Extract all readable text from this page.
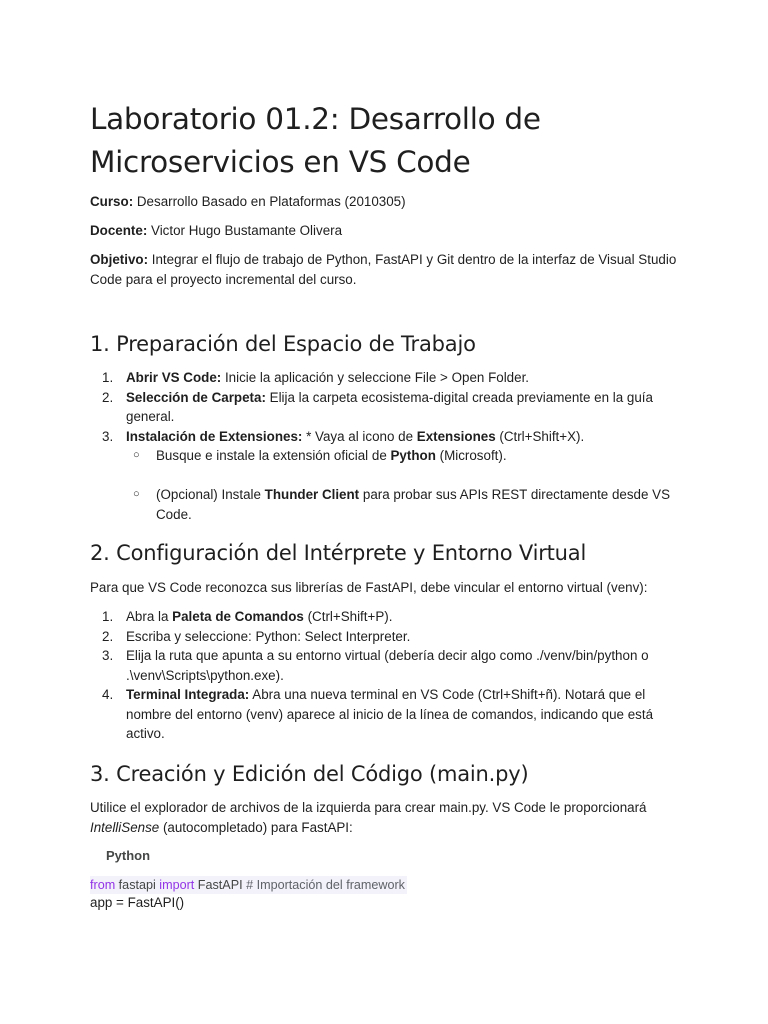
Laboratorio 01.2: Desarrollo de Microservicios en VS Code

Curso: Desarrollo Basado en Plataformas (2010305)

Docente: Victor Hugo Bustamante Olivera

Objetivo: Integrar el flujo de trabajo de Python, FastAPI y Git dentro de la interfaz de Visual Studio Code para el proyecto incremental del curso.

1. Preparación del Espacio de Trabajo
1. Abrir VS Code: Inicie la aplicación y seleccione File > Open Folder.
2. Selección de Carpeta: Elija la carpeta ecosistema-digital creada previamente en la guía general.
3. Instalación de Extensiones: * Vaya al icono de Extensiones (Ctrl+Shift+X).
○ Busque e instale la extensión oficial de Python (Microsoft).
○ (Opcional) Instale Thunder Client para probar sus APIs REST directamente desde VS Code.
2. Configuración del Intérprete y Entorno Virtual

Para que VS Code reconozca sus librerías de FastAPI, debe vincular el entorno virtual (venv):

1. Abra la Paleta de Comandos (Ctrl+Shift+P).
2. Escriba y seleccione: Python: Select Interpreter.
3. Elija la ruta que apunta a su entorno virtual (debería decir algo como ./venv/bin/python o .\venv\Scripts\python.exe).
4. Terminal Integrada: Abra una nueva terminal en VS Code (Ctrl+Shift+ñ). Notará que el nombre del entorno (venv) aparece al inicio de la línea de comandos, indicando que está activo.
3. Creación y Edición del Código (main.py)

Utilice el explorador de archivos de la izquierda para crear main.py. VS Code le proporcionará IntelliSense (autocompletado) para FastAPI:

Python
from fastapi import FastAPI # Importación del framework
app = FastAPI()
